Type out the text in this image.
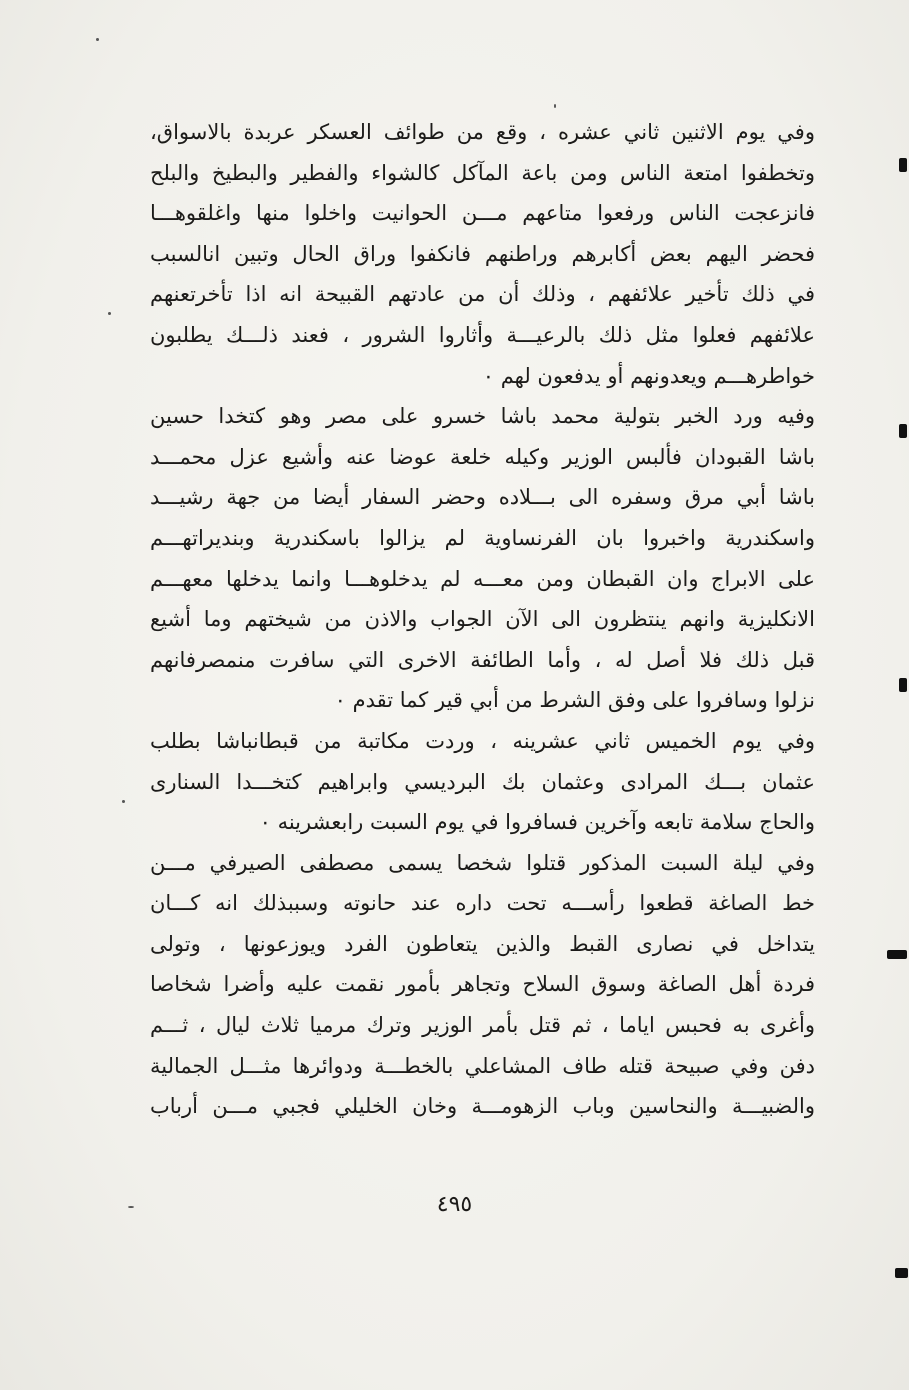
وفي يوم الاثنين ثاني عشره ، وقع من طوائف العسكر عربدة بالاسواق،
وتخطفوا امتعة الناس ومن باعة المآكل كالشواء والفطير والبطيخ والبلح
فانزعجت الناس ورفعوا متاعهم مـــن الحوانيت واخلوا منها واغلقوهـــا
فحضر اليهم بعض أكابرهم وراطنهم فانكفوا وراق الحال وتبين انالسبب
في ذلك تأخير علائفهم ، وذلك أن من عادتهم القبيحة انه اذا تأخرتعنهم
علائفهم فعلوا مثل ذلك بالرعيـــة وأثاروا الشرور ، فعند ذلـــك يطلبون
خواطرهـــم ويعدونهم أو يدفعون لهم ٠
وفيه ورد الخبر بتولية محمد باشا خسرو على مصر وهو كتخدا حسين
باشا القبودان فألبس الوزير وكيله خلعة عوضا عنه وأشيع عزل محمـــد
باشا أبي مرق وسفره الى بـــلاده وحضر السفار أيضا من جهة رشيـــد
واسكندرية واخبروا بان الفرنساوية لم يزالوا باسكندرية وبنديراتهـــم
على الابراج وان القبطان ومن معـــه لم يدخلوهـــا وانما يدخلها معهـــم
الانكليزية وانهم ينتظرون الى الآن الجواب والاذن من شيختهم وما أشيع
قبل ذلك فلا أصل له ، وأما الطائفة الاخرى التي سافرت منمصرفانهم
نزلوا وسافروا على وفق الشرط من أبي قير كما تقدم ٠
وفي يوم الخميس ثاني عشرينه ، وردت مكاتبة من قبطانباشا بطلب
عثمان بـــك المرادى وعثمان بك البرديسي وابراهيم كتخـــدا السنارى
والحاج سلامة تابعه وآخرين فسافروا في يوم السبت رابعشرينه ٠
وفي ليلة السبت المذكور قتلوا شخصا يسمى مصطفى الصيرفي مـــن
خط الصاغة قطعوا رأســـه تحت داره عند حانوته وسببذلك انه كـــان
يتداخل في نصارى القبط والذين يتعاطون الفرد ويوزعونها ، وتولى
فردة أهل الصاغة وسوق السلاح وتجاهر بأمور نقمت عليه وأضرا شخاصا
وأغرى به فحبس اياما ، ثم قتل بأمر الوزير وترك مرميا ثلاث ليال ، ثـــم
دفن وفي صبيحة قتله طاف المشاعلي بالخطـــة ودوائرها مثـــل الجمالية
والضبيـــة والنحاسين وباب الزهومـــة وخان الخليلي فجبي مـــن أرباب
٤٩٥
